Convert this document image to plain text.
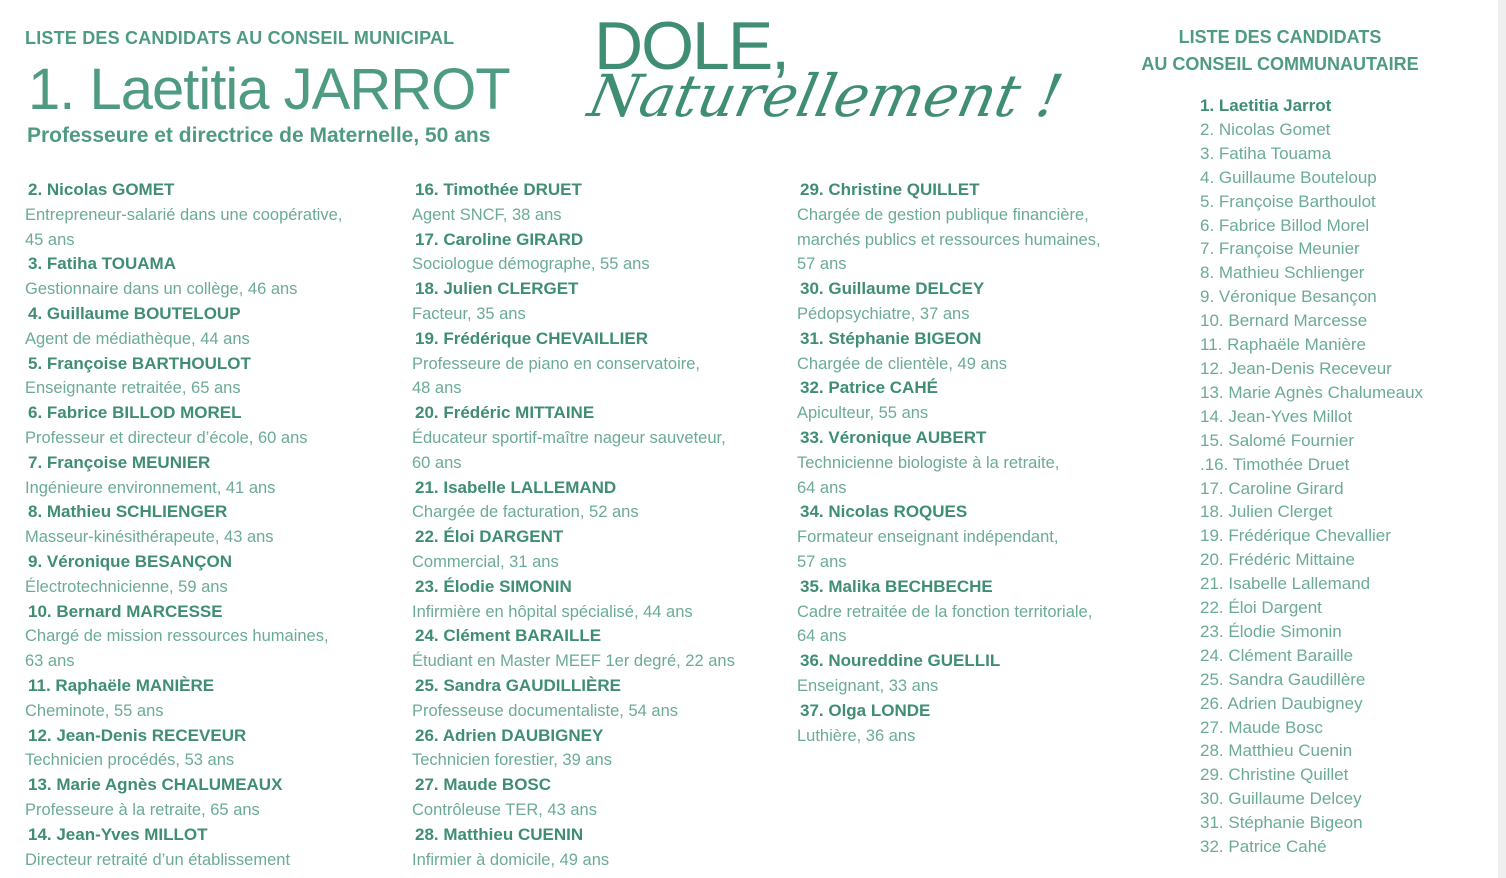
LISTE DES CANDIDATS AU CONSEIL MUNICIPAL
1. Laetitia JARROT
Professeure et directrice de Maternelle, 50 ans
DOLE,
Naturellement !
LISTE DES CANDIDATS
AU CONSEIL COMMUNAUTAIRE
2. Nicolas GOMET
Entrepreneur-salarié dans une coopérative,
45 ans
3. Fatiha TOUAMA
Gestionnaire dans un collège, 46 ans
4. Guillaume BOUTELOUP
Agent de médiathèque, 44 ans
5. Françoise BARTHOULOT
Enseignante retraitée, 65 ans
6. Fabrice BILLOD MOREL
Professeur et directeur d’école, 60 ans
7. Françoise MEUNIER
Ingénieure environnement, 41 ans
8. Mathieu SCHLIENGER
Masseur-kinésithérapeute, 43 ans
9. Véronique BESANÇON
Électrotechnicienne, 59 ans
10. Bernard MARCESSE
Chargé de mission ressources humaines,
63 ans
11. Raphaële MANIÈRE
Cheminote, 55 ans
12. Jean-Denis RECEVEUR
Technicien procédés, 53 ans
13. Marie Agnès CHALUMEAUX
Professeure à la retraite, 65 ans
14. Jean-Yves MILLOT
Directeur retraité d’un établissement
16. Timothée DRUET
Agent SNCF, 38 ans
17. Caroline GIRARD
Sociologue démographe, 55 ans
18. Julien CLERGET
Facteur, 35 ans
19. Frédérique CHEVAILLIER
Professeure de piano en conservatoire,
48 ans
20. Frédéric MITTAINE
Éducateur sportif-maître nageur sauveteur,
60 ans
21. Isabelle LALLEMAND
Chargée de facturation, 52 ans
22. Éloi DARGENT
Commercial, 31 ans
23. Élodie SIMONIN
Infirmière en hôpital spécialisé, 44 ans
24. Clément BARAILLE
Étudiant en Master MEEF 1er degré, 22 ans
25. Sandra GAUDILLIÈRE
Professeuse documentaliste, 54 ans
26. Adrien DAUBIGNEY
Technicien forestier, 39 ans
27. Maude BOSC
Contrôleuse TER, 43 ans
28. Matthieu CUENIN
Infirmier à domicile, 49 ans
29. Christine QUILLET
Chargée de gestion publique financière,
marchés publics et ressources humaines,
57 ans
30. Guillaume DELCEY
Pédopsychiatre, 37 ans
31. Stéphanie BIGEON
Chargée de clientèle, 49 ans
32. Patrice CAHÉ
Apiculteur, 55 ans
33. Véronique AUBERT
Technicienne biologiste à la retraite,
64 ans
34. Nicolas ROQUES
Formateur enseignant indépendant,
57 ans
35. Malika BECHBECHE
Cadre retraitée de la fonction territoriale,
64 ans
36. Noureddine GUELLIL
Enseignant, 33 ans
37. Olga LONDE
Luthière, 36 ans
1. Laetitia Jarrot
2. Nicolas Gomet
3. Fatiha Touama
4. Guillaume Bouteloup
5. Françoise Barthoulot
6. Fabrice Billod Morel
7. Françoise Meunier
8. Mathieu Schlienger
9. Véronique Besançon
10. Bernard Marcesse
11. Raphaële Manière
12. Jean-Denis Receveur
13. Marie Agnès Chalumeaux
14. Jean-Yves Millot
15. Salomé Fournier
.16. Timothée Druet
17. Caroline Girard
18. Julien Clerget
19. Frédérique Chevallier
20. Frédéric Mittaine
21. Isabelle Lallemand
22. Éloi Dargent
23. Élodie Simonin
24. Clément Baraille
25. Sandra Gaudillère
26. Adrien Daubigney
27. Maude Bosc
28. Matthieu Cuenin
29. Christine Quillet
30. Guillaume Delcey
31. Stéphanie Bigeon
32. Patrice Cahé
